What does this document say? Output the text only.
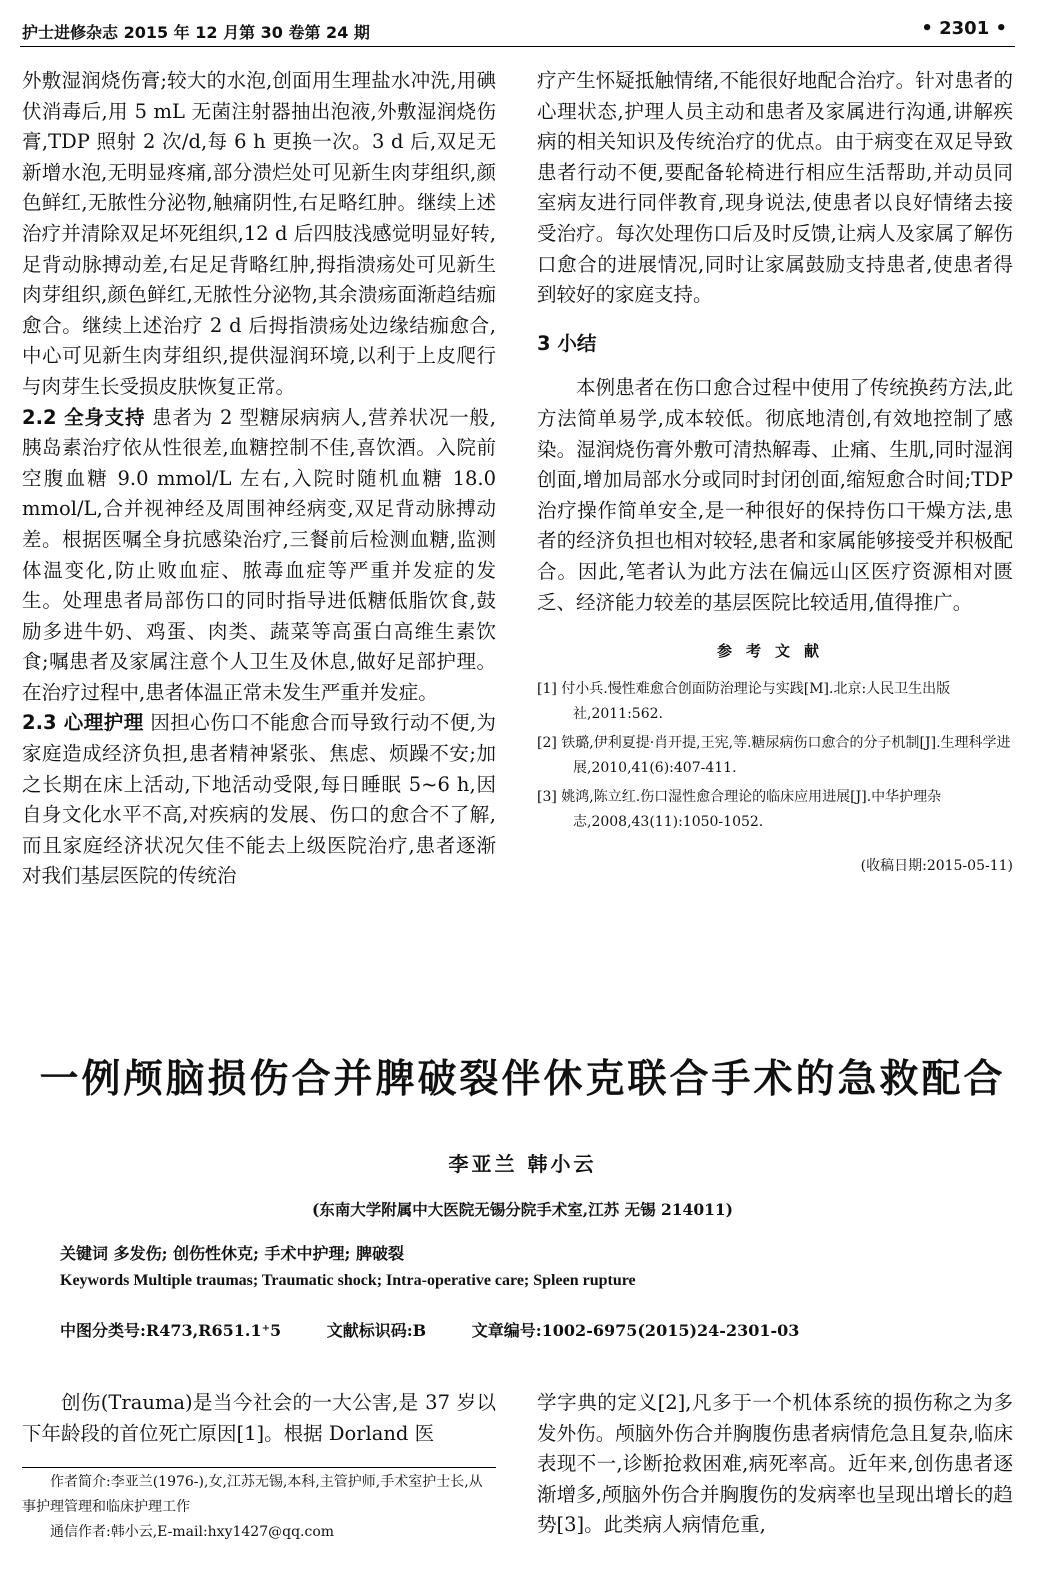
护士进修杂志 2015 年 12 月第 30 卷第 24 期	• 2301 •

外敷湿润烧伤膏;较大的水泡,创面用生理盐水冲洗,用碘伏消毒后,用 5 mL 无菌注射器抽出泡液,外敷湿润烧伤膏,TDP 照射 2 次/d,每 6 h 更换一次。3 d 后,双足无新增水泡,无明显疼痛,部分溃烂处可见新生肉芽组织,颜色鲜红,无脓性分泌物,触痛阴性,右足略红肿。继续上述治疗并清除双足坏死组织,12 d 后四肢浅感觉明显好转,足背动脉搏动差,右足足背略红肿,拇指溃疡处可见新生肉芽组织,颜色鲜红,无脓性分泌物,其余溃疡面渐趋结痂愈合。继续上述治疗 2 d 后拇指溃疡处边缘结痂愈合,中心可见新生肉芽组织,提供湿润环境,以利于上皮爬行与肉芽生长受损皮肤恢复正常。

2.2 全身支持 患者为 2 型糖尿病病人,营养状况一般,胰岛素治疗依从性很差,血糖控制不佳,喜饮酒。入院前空腹血糖 9.0 mmol/L 左右,入院时随机血糖 18.0 mmol/L,合并视神经及周围神经病变,双足背动脉搏动差。根据医嘱全身抗感染治疗,三餐前后检测血糖,监测体温变化,防止败血症、脓毒血症等严重并发症的发生。处理患者局部伤口的同时指导进低糖低脂饮食,鼓励多进牛奶、鸡蛋、肉类、蔬菜等高蛋白高维生素饮食;嘱患者及家属注意个人卫生及休息,做好足部护理。在治疗过程中,患者体温正常未发生严重并发症。

2.3 心理护理 因担心伤口不能愈合而导致行动不便,为家庭造成经济负担,患者精神紧张、焦虑、烦躁不安;加之长期在床上活动,下地活动受限,每日睡眠 5~6 h,因自身文化水平不高,对疾病的发展、伤口的愈合不了解,而且家庭经济状况欠佳不能去上级医院治疗,患者逐渐对我们基层医院的传统治

疗产生怀疑抵触情绪,不能很好地配合治疗。针对患者的心理状态,护理人员主动和患者及家属进行沟通,讲解疾病的相关知识及传统治疗的优点。由于病变在双足导致患者行动不便,要配备轮椅进行相应生活帮助,并动员同室病友进行同伴教育,现身说法,使患者以良好情绪去接受治疗。每次处理伤口后及时反馈,让病人及家属了解伤口愈合的进展情况,同时让家属鼓励支持患者,使患者得到较好的家庭支持。

3 小结

本例患者在伤口愈合过程中使用了传统换药方法,此方法简单易学,成本较低。彻底地清创,有效地控制了感染。湿润烧伤膏外敷可清热解毒、止痛、生肌,同时湿润创面,增加局部水分或同时封闭创面,缩短愈合时间;TDP 治疗操作简单安全,是一种很好的保持伤口干燥方法,患者的经济负担也相对较轻,患者和家属能够接受并积极配合。因此,笔者认为此方法在偏远山区医疗资源相对匮乏、经济能力较差的基层医院比较适用,值得推广。

参考文献

[1] 付小兵.慢性难愈合创面防治理论与实践[M].北京:人民卫生出版社,2011:562.

[2] 铁璐,伊利夏提·肖开提,王宪,等.糖尿病伤口愈合的分子机制[J].生理科学进展,2010,41(6):407-411.

[3] 姚鸿,陈立红.伤口湿性愈合理论的临床应用进展[J].中华护理杂志,2008,43(11):1050-1052.

(收稿日期:2015-05-11)

一例颅脑损伤合并脾破裂伴休克联合手术的急救配合
李亚兰 韩小云
(东南大学附属中大医院无锡分院手术室,江苏 无锡 214011)
关键词 多发伤; 创伤性休克; 手术中护理; 脾破裂
Keywords Multiple traumas; Traumatic shock; Intra-operative care; Spleen rupture
中图分类号:R473,R651.1⁺5	文献标识码:B	文章编号:1002-6975(2015)24-2301-03
创伤(Trauma)是当今社会的一大公害,是 37 岁以下年龄段的首位死亡原因[1]。根据 Dorland 医
学字典的定义[2],凡多于一个机体系统的损伤称之为多发外伤。颅脑外伤合并胸腹伤患者病情危急且复杂,临床表现不一,诊断抢救困难,病死率高。近年来,创伤患者逐渐增多,颅脑外伤合并胸腹伤的发病率也呈现出增长的趋势[3]。此类病人病情危重,
作者简介:李亚兰(1976-),女,江苏无锡,本科,主管护师,手术室护士长,从事护理管理和临床护理工作
通信作者:韩小云,E-mail:hxy1427@qq.com
